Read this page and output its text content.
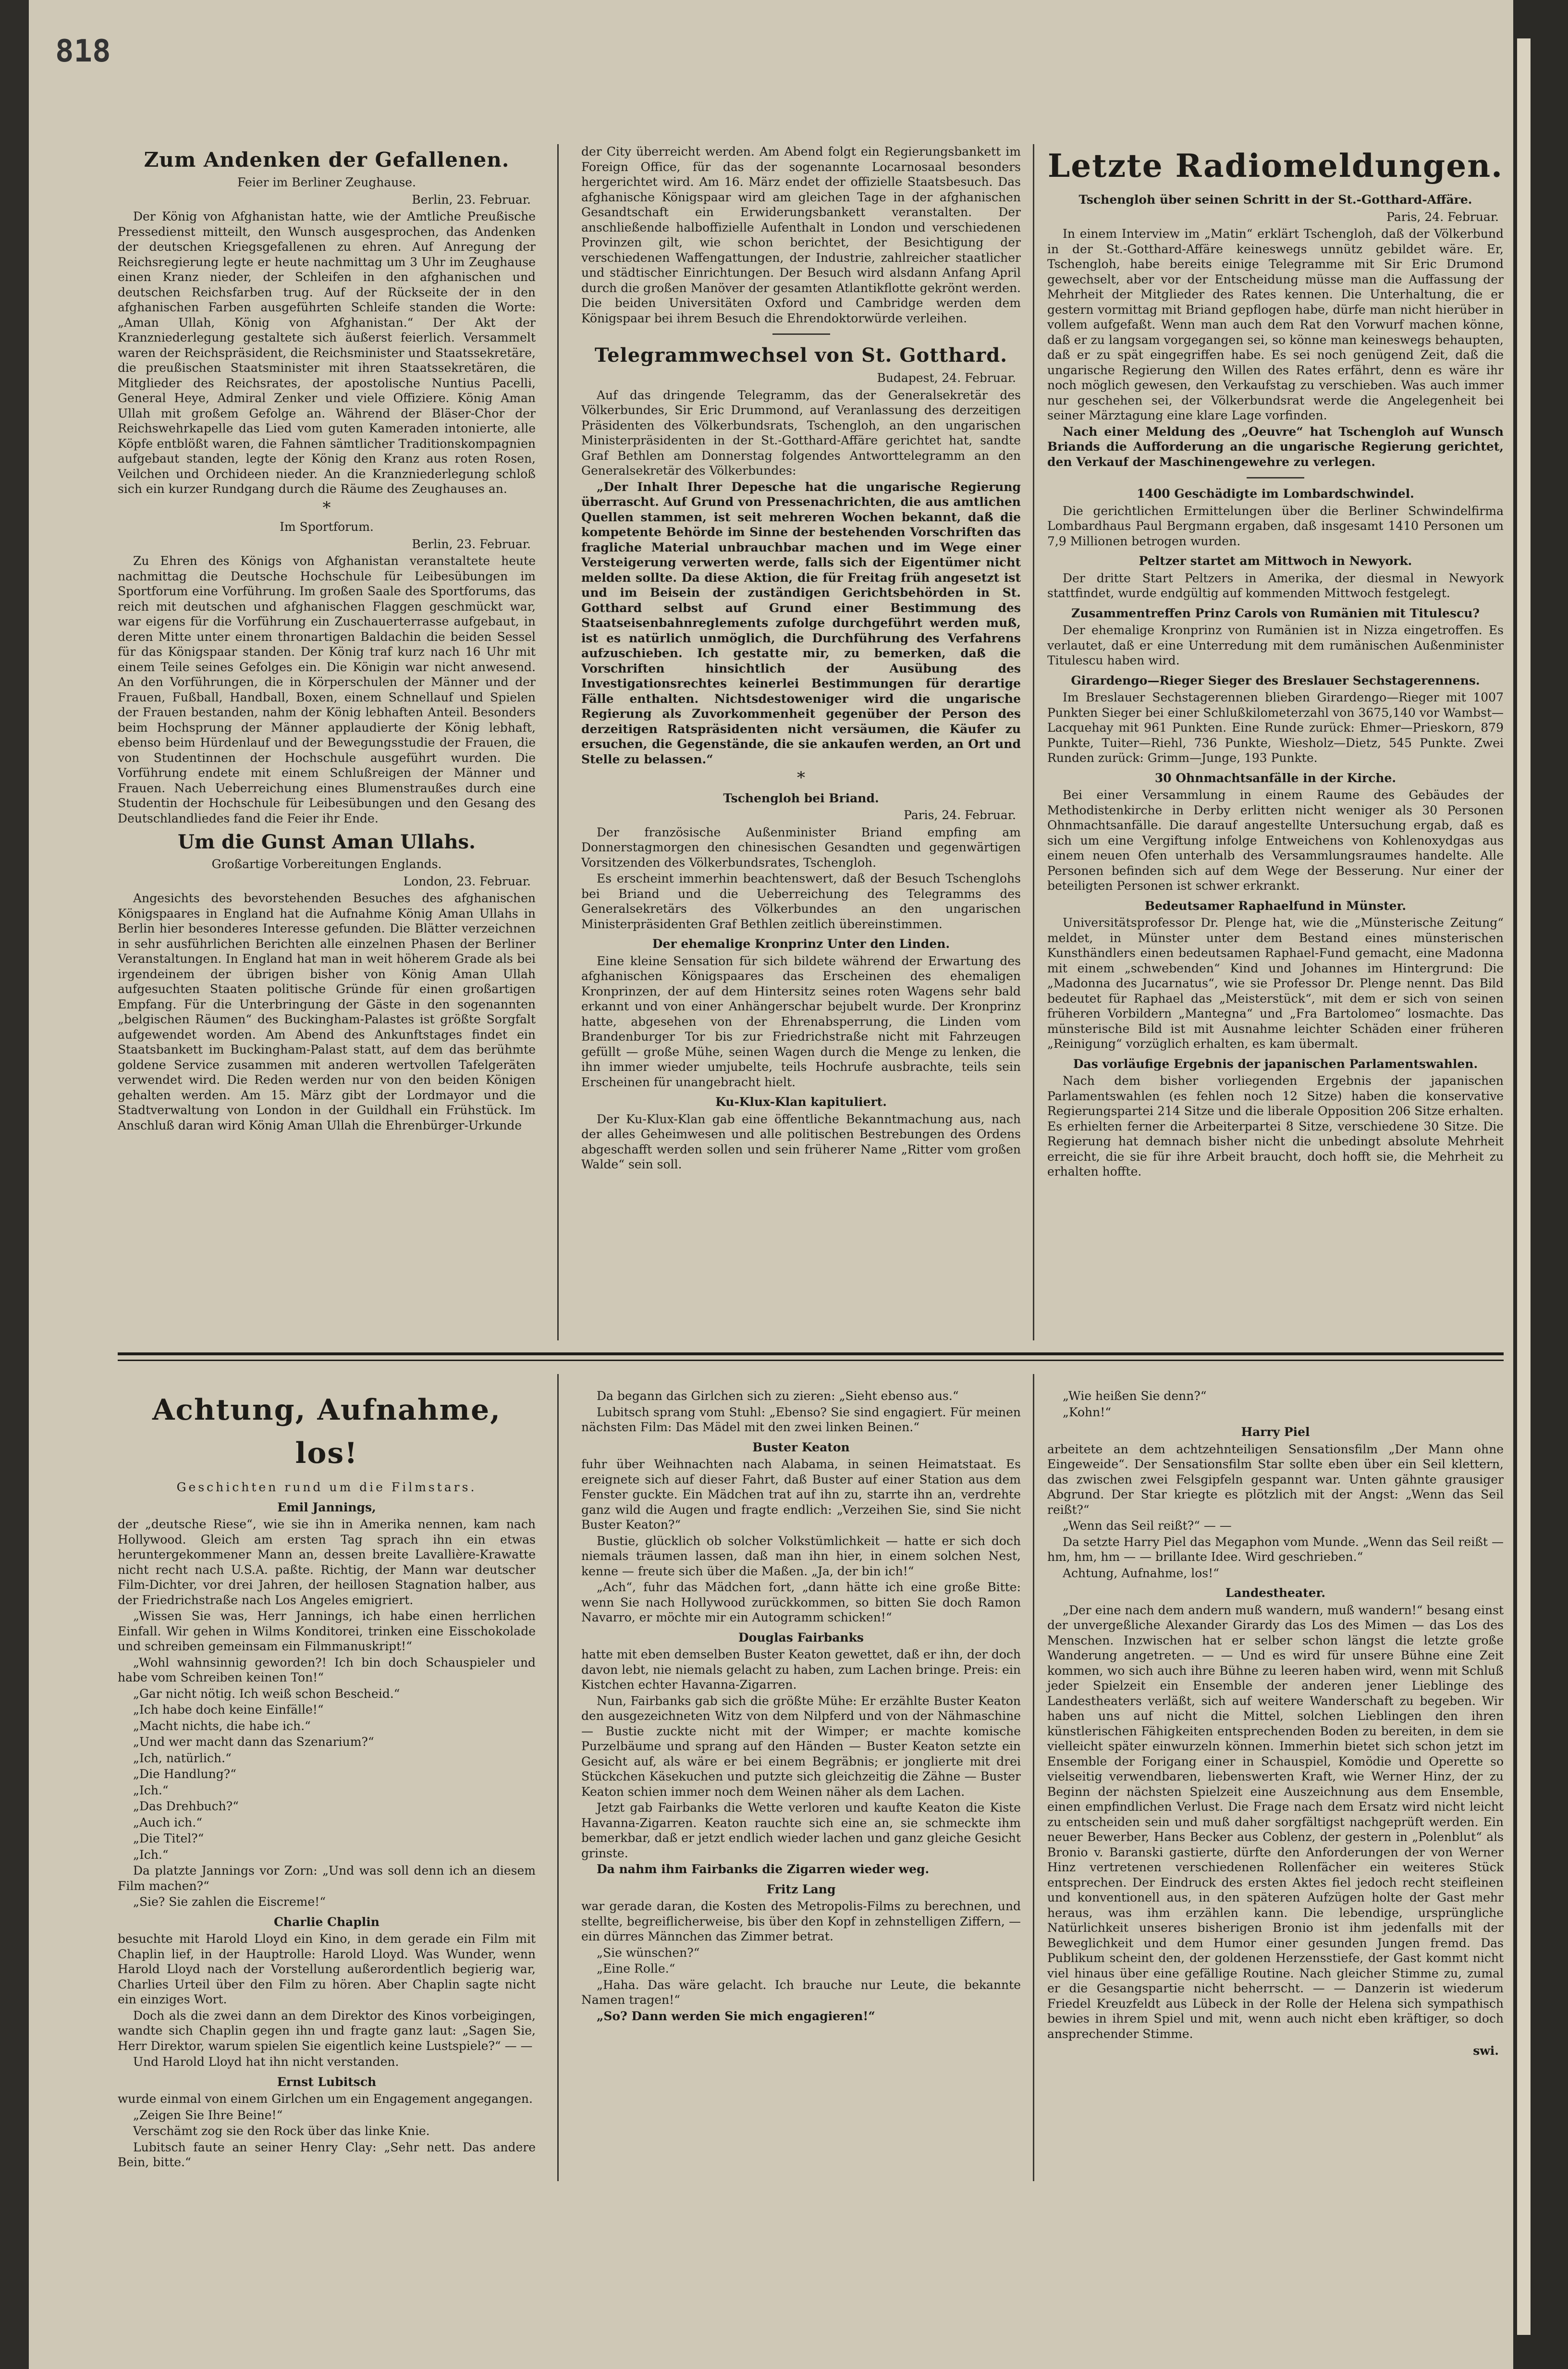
818
Zum Andenken der Gefallenen.
Feier im Berliner Zeughause.
Berlin, 23. Februar.

Der König von Afghanistan hatte, wie der Amtliche Preußische Pressedienst mitteilt, den Wunsch ausgesprochen, das Andenken der deutschen Kriegsgefallenen zu ehren. Auf Anregung der Reichsregierung legte er heute nachmittag um 3 Uhr im Zeughause einen Kranz nieder, der Schleifen in den afghanischen und deutschen Reichsfarben trug. Auf der Rückseite der in den afghanischen Farben ausgeführten Schleife standen die Worte: „Aman Ullah, König von Afghanistan.“ Der Akt der Kranzniederlegung gestaltete sich äußerst feierlich. Versammelt waren der Reichspräsident, die Reichsminister und Staatssekretäre, die preußischen Staatsminister mit ihren Staatssekretären, die Mitglieder des Reichsrates, der apostolische Nuntius Pacelli, General Heye, Admiral Zenker und viele Offiziere. König Aman Ullah mit großem Gefolge an. Während der Bläser-Chor der Reichswehrkapelle das Lied vom guten Kameraden intonierte, alle Köpfe entblößt waren, die Fahnen sämtlicher Traditionskompagnien aufgebaut standen, legte der König den Kranz aus roten Rosen, Veilchen und Orchideen nieder. An die Kranzniederlegung schloß sich ein kurzer Rundgang durch die Räume des Zeughauses an.

*
Im Sportforum.
Berlin, 23. Februar.

Zu Ehren des Königs von Afghanistan veranstaltete heute nachmittag die Deutsche Hochschule für Leibesübungen im Sportforum eine Vorführung. Im großen Saale des Sportforums, das reich mit deutschen und afghanischen Flaggen geschmückt war, war eigens für die Vorführung ein Zuschauerterrasse aufgebaut, in deren Mitte unter einem thronartigen Baldachin die beiden Sessel für das Königspaar standen. Der König traf kurz nach 16 Uhr mit einem Teile seines Gefolges ein. Die Königin war nicht anwesend. An den Vorführungen, die in Körperschulen der Männer und der Frauen, Fußball, Handball, Boxen, einem Schnellauf und Spielen der Frauen bestanden, nahm der König lebhaften Anteil. Besonders beim Hochsprung der Männer applaudierte der König lebhaft, ebenso beim Hürdenlauf und der Bewegungsstudie der Frauen, die von Studentinnen der Hochschule ausgeführt wurden. Die Vorführung endete mit einem Schlußreigen der Männer und Frauen. Nach Ueberreichung eines Blumenstraußes durch eine Studentin der Hochschule für Leibesübungen und den Gesang des Deutschlandliedes fand die Feier ihr Ende.

Um die Gunst Aman Ullahs.
Großartige Vorbereitungen Englands.
London, 23. Februar.

Angesichts des bevorstehenden Besuches des afghanischen Königspaares in England hat die Aufnahme König Aman Ullahs in Berlin hier besonderes Interesse gefunden. Die Blätter verzeichnen in sehr ausführlichen Berichten alle einzelnen Phasen der Berliner Veranstaltungen. In England hat man in weit höherem Grade als bei irgendeinem der übrigen bisher von König Aman Ullah aufgesuchten Staaten politische Gründe für einen großartigen Empfang. Für die Unterbringung der Gäste in den sogenannten „belgischen Räumen“ des Buckingham-Palastes ist größte Sorgfalt aufgewendet worden. Am Abend des Ankunftstages findet ein Staatsbankett im Buckingham-Palast statt, auf dem das berühmte goldene Service zusammen mit anderen wertvollen Tafelgeräten verwendet wird. Die Reden werden nur von den beiden Königen gehalten werden. Am 15. März gibt der Lordmayor und die Stadtverwaltung von London in der Guildhall ein Frühstück. Im Anschluß daran wird König Aman Ullah die Ehrenbürger-Urkunde

der City überreicht werden. Am Abend folgt ein Regierungsbankett im Foreign Office, für das der sogenannte Locarnosaal besonders hergerichtet wird. Am 16. März endet der offizielle Staatsbesuch. Das afghanische Königspaar wird am gleichen Tage in der afghanischen Gesandtschaft ein Erwiderungsbankett veranstalten. Der anschließende halboffizielle Aufenthalt in London und verschiedenen Provinzen gilt, wie schon berichtet, der Besichtigung der verschiedenen Waffengattungen, der Industrie, zahlreicher staatlicher und städtischer Einrichtungen. Der Besuch wird alsdann Anfang April durch die großen Manöver der gesamten Atlantikflotte gekrönt werden. Die beiden Universitäten Oxford und Cambridge werden dem Königspaar bei ihrem Besuch die Ehrendoktorwürde verleihen.

Telegrammwechsel von St. Gotthard.
Budapest, 24. Februar.

Auf das dringende Telegramm, das der Generalsekretär des Völkerbundes, Sir Eric Drummond, auf Veranlassung des derzeitigen Präsidenten des Völkerbundsrats, Tschengloh, an den ungarischen Ministerpräsidenten in der St.-Gotthard-Affäre gerichtet hat, sandte Graf Bethlen am Donnerstag folgendes Antworttelegramm an den Generalsekretär des Völkerbundes:

„Der Inhalt Ihrer Depesche hat die ungarische Regierung überrascht. Auf Grund von Pressenachrichten, die aus amtlichen Quellen stammen, ist seit mehreren Wochen bekannt, daß die kompetente Behörde im Sinne der bestehenden Vorschriften das fragliche Material unbrauchbar machen und im Wege einer Versteigerung verwerten werde, falls sich der Eigentümer nicht melden sollte. Da diese Aktion, die für Freitag früh angesetzt ist und im Beisein der zuständigen Gerichtsbehörden in St. Gotthard selbst auf Grund einer Bestimmung des Staatseisenbahnreglements zufolge durchgeführt werden muß, ist es natürlich unmöglich, die Durchführung des Verfahrens aufzuschieben. Ich gestatte mir, zu bemerken, daß die Vorschriften hinsichtlich der Ausübung des Investigationsrechtes keinerlei Bestimmungen für derartige Fälle enthalten. Nichtsdestoweniger wird die ungarische Regierung als Zuvorkommenheit gegenüber der Person des derzeitigen Ratspräsidenten nicht versäumen, die Käufer zu ersuchen, die Gegenstände, die sie ankaufen werden, an Ort und Stelle zu belassen.“

*
Tschengloh bei Briand.
Paris, 24. Februar.

Der französische Außenminister Briand empfing am Donnerstagmorgen den chinesischen Gesandten und gegenwärtigen Vorsitzenden des Völkerbundsrates, Tschengloh.

Es erscheint immerhin beachtenswert, daß der Besuch Tschenglohs bei Briand und die Ueberreichung des Telegramms des Generalsekretärs des Völkerbundes an den ungarischen Ministerpräsidenten Graf Bethlen zeitlich übereinstimmen.

Der ehemalige Kronprinz Unter den Linden.

Eine kleine Sensation für sich bildete während der Erwartung des afghanischen Königspaares das Erscheinen des ehemaligen Kronprinzen, der auf dem Hintersitz seines roten Wagens sehr bald erkannt und von einer Anhängerschar bejubelt wurde. Der Kronprinz hatte, abgesehen von der Ehrenabsperrung, die Linden vom Brandenburger Tor bis zur Friedrichstraße nicht mit Fahrzeugen gefüllt — große Mühe, seinen Wagen durch die Menge zu lenken, die ihn immer wieder umjubelte, teils Hochrufe ausbrachte, teils sein Erscheinen für unangebracht hielt.

Ku-Klux-Klan kapituliert.

Der Ku-Klux-Klan gab eine öffentliche Bekanntmachung aus, nach der alles Geheimwesen und alle politischen Bestrebungen des Ordens abgeschafft werden sollen und sein früherer Name „Ritter vom großen Walde“ sein soll.

Letzte Radiomeldungen.
Tschengloh über seinen Schritt in der St.-Gotthard-Affäre.
Paris, 24. Februar.

In einem Interview im „Matin“ erklärt Tschengloh, daß der Völkerbund in der St.-Gotthard-Affäre keineswegs unnütz gebildet wäre. Er, Tschengloh, habe bereits einige Telegramme mit Sir Eric Drumond gewechselt, aber vor der Entscheidung müsse man die Auffassung der Mehrheit der Mitglieder des Rates kennen. Die Unterhaltung, die er gestern vormittag mit Briand gepflogen habe, dürfe man nicht hierüber in vollem aufgefaßt. Wenn man auch dem Rat den Vorwurf machen könne, daß er zu langsam vorgegangen sei, so könne man keineswegs behaupten, daß er zu spät eingegriffen habe. Es sei noch genügend Zeit, daß die ungarische Regierung den Willen des Rates erfährt, denn es wäre ihr noch möglich gewesen, den Verkaufstag zu verschieben. Was auch immer nur geschehen sei, der Völkerbundsrat werde die Angelegenheit bei seiner Märztagung eine klare Lage vorfinden.

Nach einer Meldung des „Oeuvre“ hat Tschengloh auf Wunsch Briands die Aufforderung an die ungarische Regierung gerichtet, den Verkauf der Maschinengewehre zu verlegen.

1400 Geschädigte im Lombardschwindel.

Die gerichtlichen Ermittelungen über die Berliner Schwindelfirma Lombardhaus Paul Bergmann ergaben, daß insgesamt 1410 Personen um 7,9 Millionen betrogen wurden.

Peltzer startet am Mittwoch in Newyork.

Der dritte Start Peltzers in Amerika, der diesmal in Newyork stattfindet, wurde endgültig auf kommenden Mittwoch festgelegt.

Zusammentreffen Prinz Carols von Rumänien mit Titulescu?

Der ehemalige Kronprinz von Rumänien ist in Nizza eingetroffen. Es verlautet, daß er eine Unterredung mit dem rumänischen Außenminister Titulescu haben wird.

Girardengo—Rieger Sieger des Breslauer Sechstagerennens.

Im Breslauer Sechstagerennen blieben Girardengo—Rieger mit 1007 Punkten Sieger bei einer Schlußkilometerzahl von 3675,140 vor Wambst—Lacquehay mit 961 Punkten. Eine Runde zurück: Ehmer—Prieskorn, 879 Punkte, Tuiter—Riehl, 736 Punkte, Wiesholz—Dietz, 545 Punkte. Zwei Runden zurück: Grimm—Junge, 193 Punkte.

30 Ohnmachtsanfälle in der Kirche.

Bei einer Versammlung in einem Raume des Gebäudes der Methodistenkirche in Derby erlitten nicht weniger als 30 Personen Ohnmachtsanfälle. Die darauf angestellte Untersuchung ergab, daß es sich um eine Vergiftung infolge Entweichens von Kohlenoxydgas aus einem neuen Ofen unterhalb des Versammlungsraumes handelte. Alle Personen befinden sich auf dem Wege der Besserung. Nur einer der beteiligten Personen ist schwer erkrankt.

Bedeutsamer Raphaelfund in Münster.

Universitätsprofessor Dr. Plenge hat, wie die „Münsterische Zeitung“ meldet, in Münster unter dem Bestand eines münsterischen Kunsthändlers einen bedeutsamen Raphael-Fund gemacht, eine Madonna mit einem „schwebenden“ Kind und Johannes im Hintergrund: Die „Madonna des Jucarnatus“, wie sie Professor Dr. Plenge nennt. Das Bild bedeutet für Raphael das „Meisterstück“, mit dem er sich von seinen früheren Vorbildern „Mantegna“ und „Fra Bartolomeo“ losmachte. Das münsterische Bild ist mit Ausnahme leichter Schäden einer früheren „Reinigung“ vorzüglich erhalten, es kam übermalt.

Das vorläufige Ergebnis der japanischen Parlamentswahlen.

Nach dem bisher vorliegenden Ergebnis der japanischen Parlamentswahlen (es fehlen noch 12 Sitze) haben die konservative Regierungspartei 214 Sitze und die liberale Opposition 206 Sitze erhalten. Es erhielten ferner die Arbeiterpartei 8 Sitze, verschiedene 30 Sitze. Die Regierung hat demnach bisher nicht die unbedingt absolute Mehrheit erreicht, die sie für ihre Arbeit braucht, doch hofft sie, die Mehrheit zu erhalten hoffte.

Achtung, Aufnahme, los!
Geschichten rund um die Filmstars.
Emil Jannings,

der „deutsche Riese“, wie sie ihn in Amerika nennen, kam nach Hollywood. Gleich am ersten Tag sprach ihn ein etwas heruntergekommener Mann an, dessen breite Lavallière-Krawatte nicht recht nach U.S.A. paßte. Richtig, der Mann war deutscher Film-Dichter, vor drei Jahren, der heillosen Stagnation halber, aus der Friedrichstraße nach Los Angeles emigriert.

„Wissen Sie was, Herr Jannings, ich habe einen herrlichen Einfall. Wir gehen in Wilms Konditorei, trinken eine Eisschokolade und schreiben gemeinsam ein Filmmanuskript!“

„Wohl wahnsinnig geworden?! Ich bin doch Schauspieler und habe vom Schreiben keinen Ton!“

„Gar nicht nötig. Ich weiß schon Bescheid.“

„Ich habe doch keine Einfälle!“

„Macht nichts, die habe ich.“

„Und wer macht dann das Szenarium?“

„Ich, natürlich.“

„Die Handlung?“

„Ich.“

„Das Drehbuch?“

„Auch ich.“

„Die Titel?“

„Ich.“

Da platzte Jannings vor Zorn: „Und was soll denn ich an diesem Film machen?“

„Sie? Sie zahlen die Eiscreme!“

Charlie Chaplin

besuchte mit Harold Lloyd ein Kino, in dem gerade ein Film mit Chaplin lief, in der Hauptrolle: Harold Lloyd. Was Wunder, wenn Harold Lloyd nach der Vorstellung außerordentlich begierig war, Charlies Urteil über den Film zu hören. Aber Chaplin sagte nicht ein einziges Wort.

Doch als die zwei dann an dem Direktor des Kinos vorbeigingen, wandte sich Chaplin gegen ihn und fragte ganz laut: „Sagen Sie, Herr Direktor, warum spielen Sie eigentlich keine Lustspiele?“ — —

Und Harold Lloyd hat ihn nicht verstanden.

Ernst Lubitsch

wurde einmal von einem Girlchen um ein Engagement angegangen.

„Zeigen Sie Ihre Beine!“

Verschämt zog sie den Rock über das linke Knie.

Lubitsch faute an seiner Henry Clay: „Sehr nett. Das andere Bein, bitte.“

Da begann das Girlchen sich zu zieren: „Sieht ebenso aus.“

Lubitsch sprang vom Stuhl: „Ebenso? Sie sind engagiert. Für meinen nächsten Film: Das Mädel mit den zwei linken Beinen.“

Buster Keaton

fuhr über Weihnachten nach Alabama, in seinen Heimatstaat. Es ereignete sich auf dieser Fahrt, daß Buster auf einer Station aus dem Fenster guckte. Ein Mädchen trat auf ihn zu, starrte ihn an, verdrehte ganz wild die Augen und fragte endlich: „Verzeihen Sie, sind Sie nicht Buster Keaton?“

Bustie, glücklich ob solcher Volkstümlichkeit — hatte er sich doch niemals träumen lassen, daß man ihn hier, in einem solchen Nest, kenne — freute sich über die Maßen. „Ja, der bin ich!“

„Ach“, fuhr das Mädchen fort, „dann hätte ich eine große Bitte: wenn Sie nach Hollywood zurückkommen, so bitten Sie doch Ramon Navarro, er möchte mir ein Autogramm schicken!“

Douglas Fairbanks

hatte mit eben demselben Buster Keaton gewettet, daß er ihn, der doch davon lebt, nie niemals gelacht zu haben, zum Lachen bringe. Preis: ein Kistchen echter Havanna-Zigarren.

Nun, Fairbanks gab sich die größte Mühe: Er erzählte Buster Keaton den ausgezeichneten Witz von dem Nilpferd und von der Nähmaschine — Bustie zuckte nicht mit der Wimper; er machte komische Purzelbäume und sprang auf den Händen — Buster Keaton setzte ein Gesicht auf, als wäre er bei einem Begräbnis; er jonglierte mit drei Stückchen Käsekuchen und putzte sich gleichzeitig die Zähne — Buster Keaton schien immer noch dem Weinen näher als dem Lachen.

Jetzt gab Fairbanks die Wette verloren und kaufte Keaton die Kiste Havanna-Zigarren. Keaton rauchte sich eine an, sie schmeckte ihm bemerkbar, daß er jetzt endlich wieder lachen und ganz gleiche Gesicht grinste.

Da nahm ihm Fairbanks die Zigarren wieder weg.

Fritz Lang

war gerade daran, die Kosten des Metropolis-Films zu berechnen, und stellte, begreiflicherweise, bis über den Kopf in zehnstelligen Ziffern, — ein dürres Männchen das Zimmer betrat.

„Sie wünschen?“

„Eine Rolle.“

„Haha. Das wäre gelacht. Ich brauche nur Leute, die bekannte Namen tragen!“

„So? Dann werden Sie mich engagieren!“

„Wie heißen Sie denn?“

„Kohn!“

Harry Piel

arbeitete an dem achtzehnteiligen Sensationsfilm „Der Mann ohne Eingeweide“. Der Sensationsfilm Star sollte eben über ein Seil klettern, das zwischen zwei Felsgipfeln gespannt war. Unten gähnte grausiger Abgrund. Der Star kriegte es plötzlich mit der Angst: „Wenn das Seil reißt?“

„Wenn das Seil reißt?“ — —

Da setzte Harry Piel das Megaphon vom Munde. „Wenn das Seil reißt — hm, hm, hm — — brillante Idee. Wird geschrieben.“

Achtung, Aufnahme, los!“

Landestheater.

„Der eine nach dem andern muß wandern, muß wandern!“ besang einst der unvergeßliche Alexander Girardy das Los des Mimen — das Los des Menschen. Inzwischen hat er selber schon längst die letzte große Wanderung angetreten. — — Und es wird für unsere Bühne eine Zeit kommen, wo sich auch ihre Bühne zu leeren haben wird, wenn mit Schluß jeder Spielzeit ein Ensemble der anderen jener Lieblinge des Landestheaters verläßt, sich auf weitere Wanderschaft zu begeben. Wir haben uns auf nicht die Mittel, solchen Lieblingen den ihren künstlerischen Fähigkeiten entsprechenden Boden zu bereiten, in dem sie vielleicht später einwurzeln können. Immerhin bietet sich schon jetzt im Ensemble der Forigang einer in Schauspiel, Komödie und Operette so vielseitig verwendbaren, liebenswerten Kraft, wie Werner Hinz, der zu Beginn der nächsten Spielzeit eine Auszeichnung aus dem Ensemble, einen empfindlichen Verlust. Die Frage nach dem Ersatz wird nicht leicht zu entscheiden sein und muß daher sorgfältigst nachgeprüft werden. Ein neuer Bewerber, Hans Becker aus Coblenz, der gestern in „Polenblut“ als Bronio v. Baranski gastierte, dürfte den Anforderungen der von Werner Hinz vertretenen verschiedenen Rollenfächer ein weiteres Stück entsprechen. Der Eindruck des ersten Aktes fiel jedoch recht steifleinen und konventionell aus, in den späteren Aufzügen holte der Gast mehr heraus, was ihm erzählen kann. Die lebendige, ursprüngliche Natürlichkeit unseres bisherigen Bronio ist ihm jedenfalls mit der Beweglichkeit und dem Humor einer gesunden Jungen fremd. Das Publikum scheint den, der goldenen Herzensstiefe, der Gast kommt nicht viel hinaus über eine gefällige Routine. Nach gleicher Stimme zu, zumal er die Gesangspartie nicht beherrscht. — — Danzerin ist wiederum Friedel Kreuzfeldt aus Lübeck in der Rolle der Helena sich sympathisch bewies in ihrem Spiel und mit, wenn auch nicht eben kräftiger, so doch ansprechender Stimme.

swi.
